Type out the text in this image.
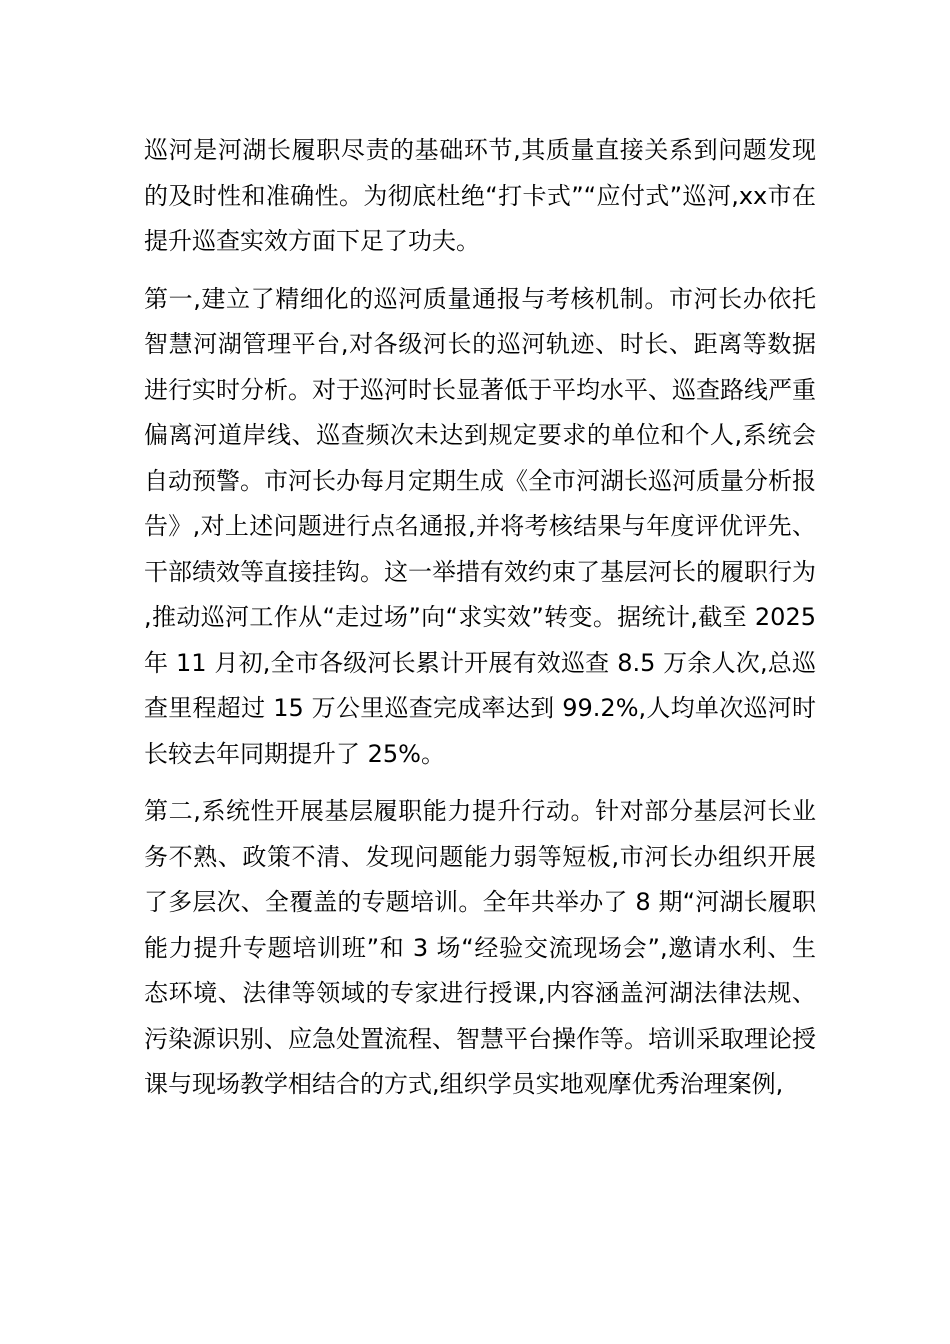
巡河是河湖长履职尽责的基础环节,其质量直接关系到问题发现的及时性和准确性。为彻底杜绝“打卡式”“应付式”巡河,xx市在提升巡查实效方面下足了功夫。

第一,建立了精细化的巡河质量通报与考核机制。市河长办依托智慧河湖管理平台,对各级河长的巡河轨迹、时长、距离等数据进行实时分析。对于巡河时长显著低于平均水平、巡查路线严重偏离河道岸线、巡查频次未达到规定要求的单位和个人,系统会自动预警。市河长办每月定期生成《全市河湖长巡河质量分析报告》,对上述问题进行点名通报,并将考核结果与年度评优评先、干部绩效等直接挂钩。这一举措有效约束了基层河长的履职行为,推动巡河工作从“走过场”向“求实效”转变。据统计,截至 2025 年 11 月初,全市各级河长累计开展有效巡查 8.5 万余人次,总巡查里程超过 15 万公里巡查完成率达到 99.2%,人均单次巡河时长较去年同期提升了 25%。

第二,系统性开展基层履职能力提升行动。针对部分基层河长业务不熟、政策不清、发现问题能力弱等短板,市河长办组织开展了多层次、全覆盖的专题培训。全年共举办了 8 期“河湖长履职能力提升专题培训班”和 3 场“经验交流现场会”,邀请水利、生态环境、法律等领域的专家进行授课,内容涵盖河湖法律法规、污染源识别、应急处置流程、智慧平台操作等。培训采取理论授课与现场教学相结合的方式,组织学员实地观摩优秀治理案例,
